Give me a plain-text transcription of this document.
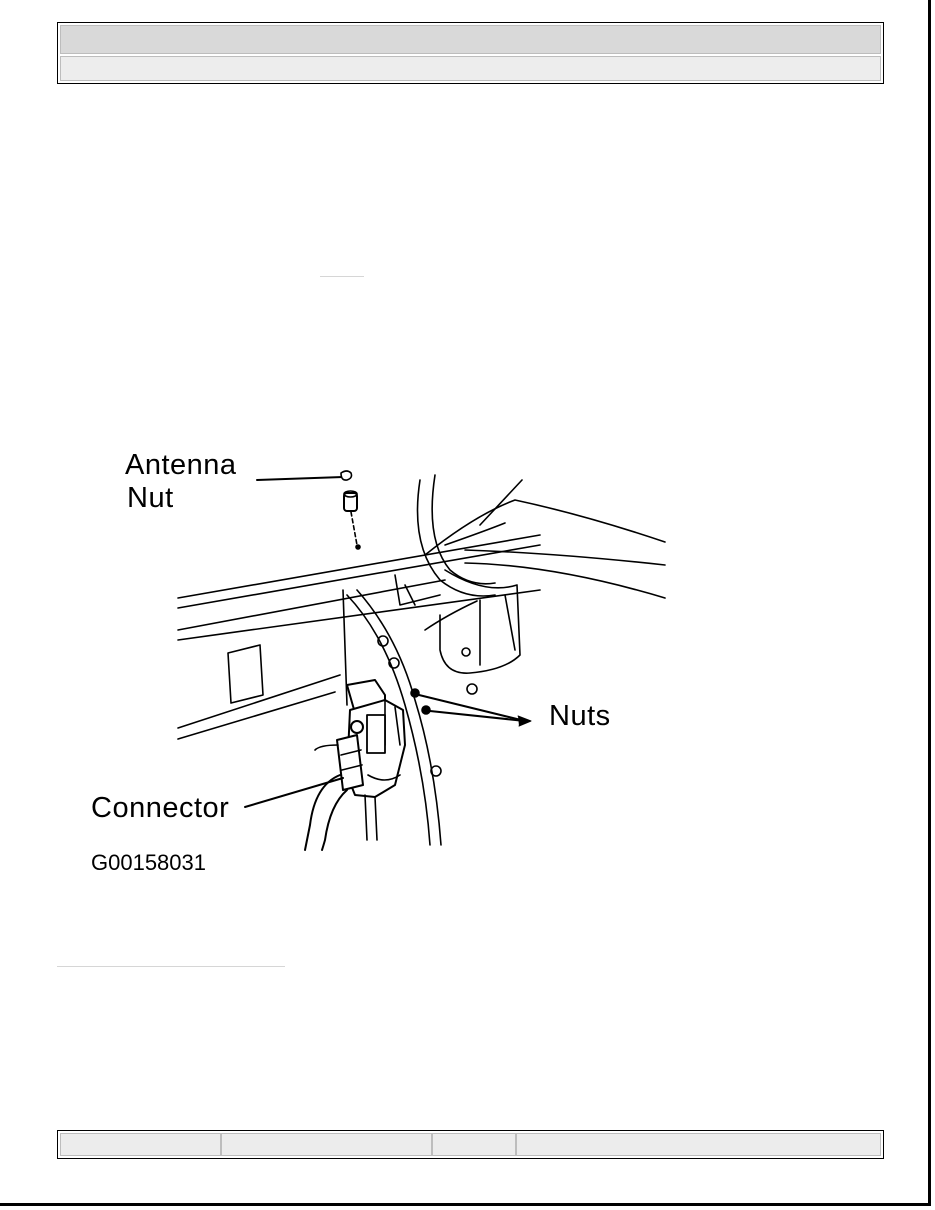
Antenna
Nut
Nuts
Connector
G00158031
